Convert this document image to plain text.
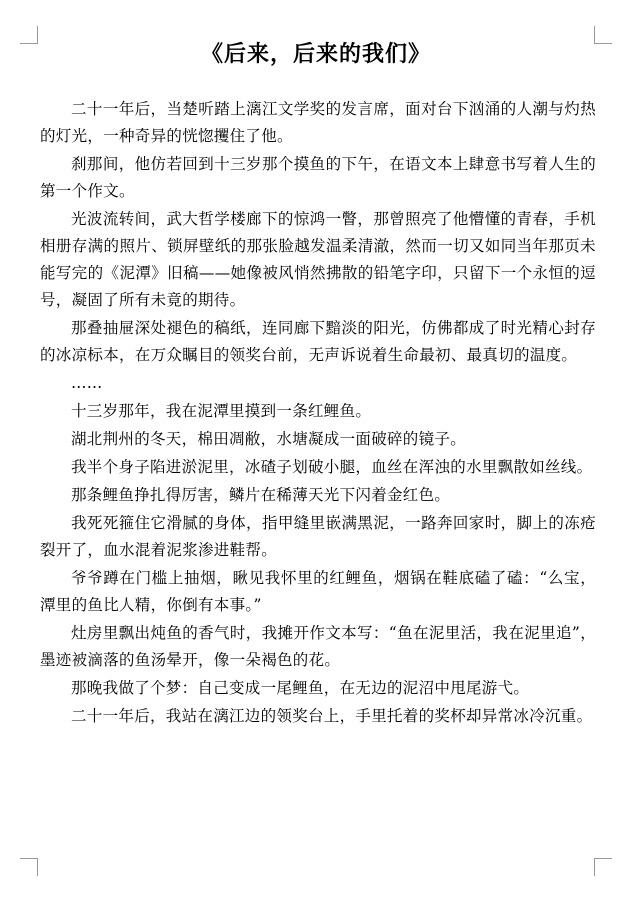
《后来，后来的我们》

二十一年后，当楚听踏上漓江文学奖的发言席，面对台下汹涌的人潮与灼热的灯光，一种奇异的恍惚攫住了他。

刹那间，他仿若回到十三岁那个摸鱼的下午，在语文本上肆意书写着人生的第一个作文。

光波流转间，武大哲学楼廊下的惊鸿一瞥，那曾照亮了他懵懂的青春，手机相册存满的照片、锁屏壁纸的那张脸越发温柔清澈，然而一切又如同当年那页未能写完的《泥潭》旧稿——她像被风悄然拂散的铅笔字印，只留下一个永恒的逗号，凝固了所有未竟的期待。

那叠抽屉深处褪色的稿纸，连同廊下黯淡的阳光，仿佛都成了时光精心封存的冰凉标本，在万众瞩目的领奖台前，无声诉说着生命最初、最真切的温度。

……

十三岁那年，我在泥潭里摸到一条红鲤鱼。

湖北荆州的冬天，棉田凋敝，水塘凝成一面破碎的镜子。

我半个身子陷进淤泥里，冰碴子划破小腿，血丝在浑浊的水里飘散如丝线。

那条鲤鱼挣扎得厉害，鳞片在稀薄天光下闪着金红色。

我死死箍住它滑腻的身体，指甲缝里嵌满黑泥，一路奔回家时，脚上的冻疮裂开了，血水混着泥浆渗进鞋帮。

爷爷蹲在门槛上抽烟，瞅见我怀里的红鲤鱼，烟锅在鞋底磕了磕：“么宝，潭里的鱼比人精，你倒有本事。”

灶房里飘出炖鱼的香气时，我摊开作文本写：“鱼在泥里活，我在泥里追”，墨迹被滴落的鱼汤晕开，像一朵褐色的花。

那晚我做了个梦：自己变成一尾鲤鱼，在无边的泥沼中甩尾游弋。

二十一年后，我站在漓江边的领奖台上，手里托着的奖杯却异常冰冷沉重。
